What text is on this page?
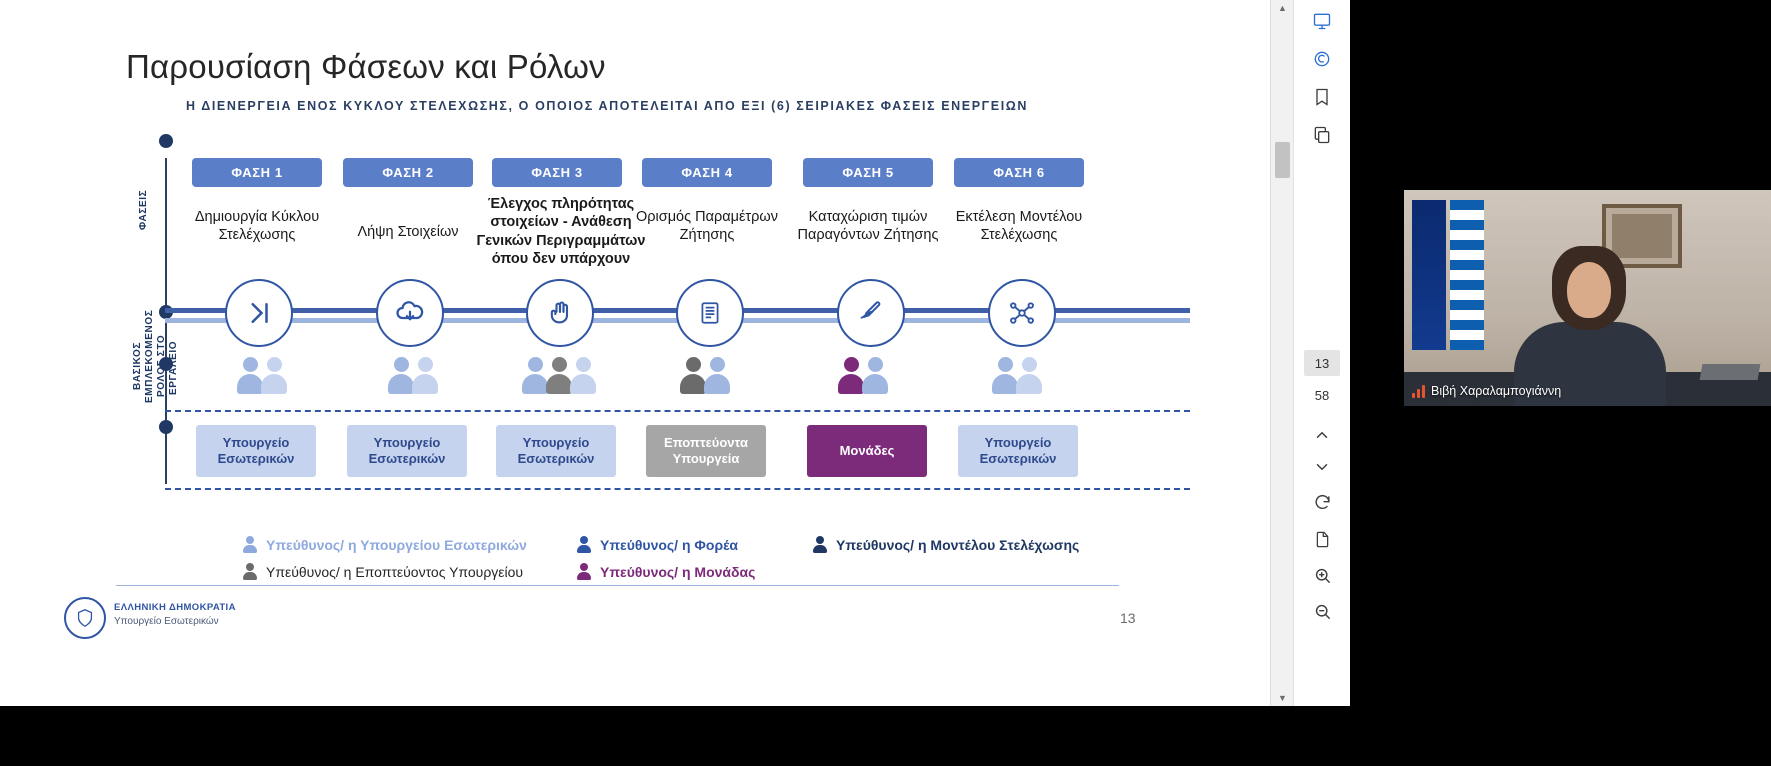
Παρουσίαση Φάσεων και Ρόλων
Η ΔΙΕΝΕΡΓΕΙΑ ΕΝΟΣ ΚΥΚΛΟΥ ΣΤΕΛΕΧΩΣΗΣ, Ο ΟΠΟΙΟΣ ΑΠΟΤΕΛΕΙΤΑΙ ΑΠΟ ΕΞΙ (6) ΣΕΙΡΙΑΚΕΣ ΦΑΣΕΙΣ ΕΝΕΡΓΕΙΩΝ
ΦΑΣΕΙΣ
ΒΑΣΙΚΟΣ ΕΜΠΛΕΚΟΜΕΝΟΣ ΡΟΛΟΣ ΣΤΟ ΕΡΓΑΛΕΙΟ
ΦΑΣΗ 1
Δημιουργία Κύκλου
Στελέχωσης
Υπουργείο
Εσωτερικών
ΦΑΣΗ 2
Λήψη Στοιχείων
Υπουργείο
Εσωτερικών
ΦΑΣΗ 3
Έλεγχος πληρότητας
στοιχείων - Ανάθεση
Γενικών Περιγραμμάτων
όπου δεν υπάρχουν
Υπουργείο
Εσωτερικών
ΦΑΣΗ 4
Ορισμός Παραμέτρων
Ζήτησης
Εποπτεύοντα
Υπουργεία
ΦΑΣΗ 5
Καταχώριση τιμών
Παραγόντων Ζήτησης
Μονάδες
ΦΑΣΗ 6
Εκτέλεση Μοντέλου
Στελέχωσης
Υπουργείο
Εσωτερικών
Υπεύθυνος/ η Υπουργείου Εσωτερικών	Υπεύθυνος/ η Φορέα	Υπεύθυνος/ η Μοντέλου Στελέχωσης
Υπεύθυνος/ η Εποπτεύοντος Υπουργείου	Υπεύθυνος/ η Μονάδας
ΕΛΛΗΝΙΚΗ ΔΗΜΟΚΡΑΤΙΑ
Υπουργείο Εσωτερικών	13
▲
▼
13
58	Βιβή Χαραλαμπογιάννη
